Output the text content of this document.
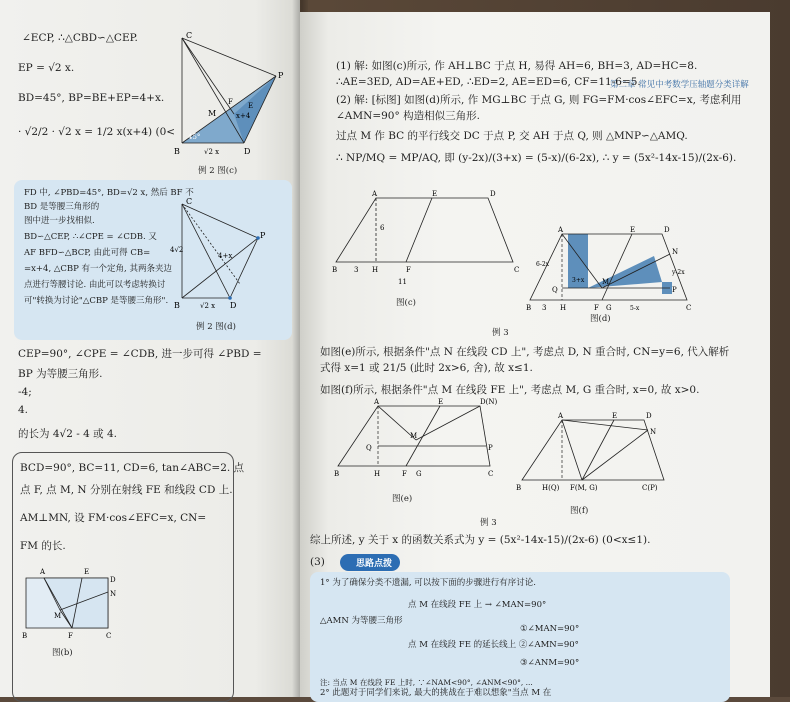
∠ECP, ∴△CBD∽△CEP.
EP = √2 x.
BD=45°, BP=BE+EP=4+x.
· √2/2 · √2 x = 1/2 x(x+4) (0<
C
P
M
F E
x+4
45°
B	D
√2 x
例 2 图(c)
FD 中, ∠PBD=45°, BD=√2 x, 然后 BF 不
BD 是等腰三角形的
图中进一步找相似.
BD∽△CEP, ∴∠CPE = ∠CDB. 又
AF BFD∽△BCP, 由此可得 CB=
=x+4, △CBP 有一个定角, 其两条夹边
点进行等腰讨论. 由此可以考虑转换讨
可"转换为讨论"△CBP 是等腰三角形".
C
P
4√2
4+x
B	D
√2 x
例 2 图(d)
CEP=90°, ∠CPE = ∠CDB, 进一步可得 ∠PBD =
BP 为等腰三角形.
-4;
4.
的长为 4√2 - 4 或 4.
BCD=90°, BC=11, CD=6, tan∠ABC=2. 点
点 F, 点 M, N 分别在射线 FE 和线段 CD 上.
AM⊥MN, 设 FM·cos∠EFC=x, CN=
FM 的长.
A	E
D
N
B
M
F	C
图(b)
第二章 常见中考数学压轴题分类详解
(1) 解: 如图(c)所示, 作 AH⊥BC 于点 H, 易得 AH=6, BH=3, AD=HC=8.
∴AE=3ED, AD=AE+ED, ∴ED=2, AE=ED=6, CF=11-6=5.
(2) 解: [标图] 如图(d)所示, 作 MG⊥BC 于点 G, 则 FG=FM·cos∠EFC=x, 考虑利用
∠AMN=90° 构造相似三角形.
过点 M 作 BC 的平行线交 DC 于点 P, 交 AH 于点 Q, 则 △MNP∽△AMQ.
∴ NP/MQ = MP/AQ, 即 (y-2x)/(3+x) = (5-x)/(6-2x), ∴ y = (5x²-14x-15)/(2x-6).
A	E	D
6
B 3 H	F	C
11
图(c)
A	E	D
N
Q
M
P
6-2x
3+x
y-2x
B 3 H	F G	C
5-x
图(d)
例 3
如图(e)所示, 根据条件"点 N 在线段 CD 上", 考虑点 D, N 重合时, CN=y=6, 代入解析
式得 x=1 或 21/5 (此时 2x>6, 舍), 故 x≤1.
如图(f)所示, 根据条件"点 M 在线段 FE 上", 考虑点 M, G 重合时, x=0, 故 x>0.
A	E	D(N)
Q
M
P
B	H	F G	C
图(e)
A	E	D
N
B	H(Q) F(M, G)	C(P)
图(f)
例 3
综上所述, y 关于 x 的函数关系式为 y = (5x²-14x-15)/(2x-6) (0<x≤1).
(3)	思路点拨
1° 为了确保分类不遗漏, 可以按下面的步骤进行有序讨论.
点 M 在线段 FE 上 → ∠MAN=90°
△AMN 为等腰三角形
①∠MAN=90°
点 M 在线段 FE 的延长线上 ②∠AMN=90°
③∠ANM=90°
注: 当点 M 在线段 FE 上时, ∵∠NAM<90°, ∠ANM<90°, ...
2° 此题对于同学们来说, 最大的挑战在于难以想象"当点 M 在
